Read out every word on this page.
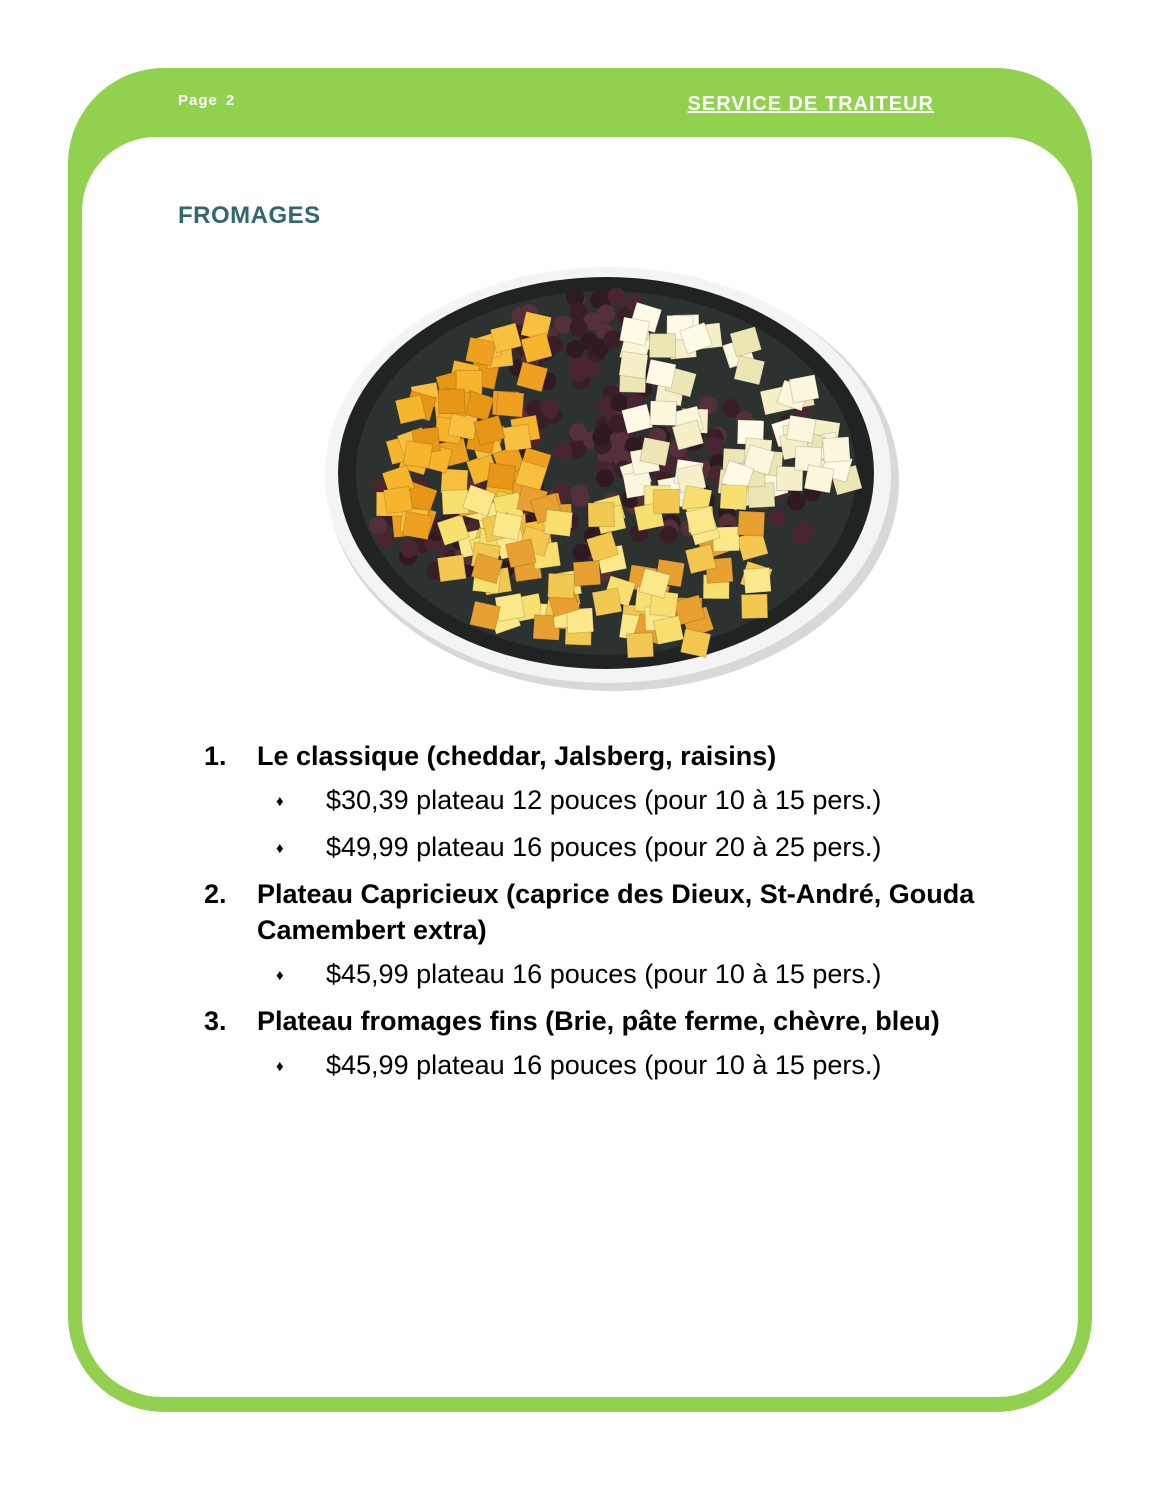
Page 2	SERVICE DE TRAITEUR
FROMAGES
1. Le classique (cheddar, Jalsberg, raisins)
♦ $30,39 plateau 12 pouces (pour 10 à 15 pers.)
♦ $49,99 plateau 16 pouces (pour 20 à 25 pers.)
2. Plateau Capricieux (caprice des Dieux, St-André, Gouda Camembert extra)
♦ $45,99 plateau 16 pouces (pour 10 à 15 pers.)
3. Plateau fromages fins (Brie, pâte ferme, chèvre, bleu)
♦ $45,99 plateau 16 pouces (pour 10 à 15 pers.)
